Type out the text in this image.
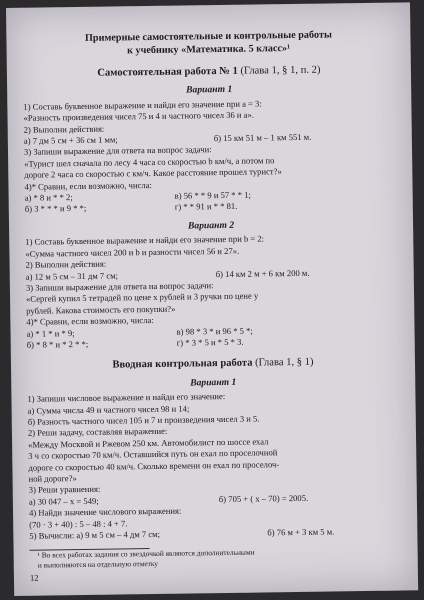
Примерные самостоятельные и контрольные работы
к учебнику «Математика. 5 класс»¹
Самостоятельная работа № 1 (Глава 1, § 1, п. 2)
Вариант 1
1) Составь буквенное выражение и найди его значение при a = 3:
«Разность произведения чисел 75 и 4 и частного чисел 36 и a».
2) Выполни действия:
а) 7 дм 5 см + 36 см 1 мм;	б) 15 км 51 м – 1 км 551 м.
3) Запиши выражение для ответа на вопрос задачи:
«Турист шел сначала по лесу 4 часа со скоростью b км/ч, а потом по
дороге 2 часа со скоростью c км/ч. Какое расстояние прошел турист?»
4)* Сравни, если возможно, числа:
а) * 8 и * * 2;	в) 56 * * 9 и 57 * * 1;
б) 3 * * * и 9 * *;	г) * * 91 и * * 81.
Вариант 2
1) Составь буквенное выражение и найди его значение при b = 2:
«Сумма частного чисел 200 и b и разности чисел 56 и 27».
2) Выполни действия:
а) 12 м 5 см – 31 дм 7 см;	б) 14 км 2 м + 6 км 200 м.
3) Запиши выражение для ответа на вопрос задачи:
«Сергей купил 5 тетрадей по цене x рублей и 3 ручки по цене y
рублей. Какова стоимость его покупки?»
4)* Сравни, если возможно, числа:
а) * 1 * и * 9;	в) 98 * 3 * и 96 * 5 *;
б) * 8 * и * 2 * *;	г) * 3 * 5 и * 5 * 3.
Вводная контрольная работа (Глава 1, § 1)
Вариант 1
1) Запиши числовое выражение и найди его значение:
а) Сумма числа 49 и частного чисел 98 и 14;
б) Разность частного чисел 105 и 7 и произведения чисел 3 и 5.
2) Реши задачу, составляя выражение:
«Между Москвой и Ржевом 250 км. Автомобилист по шоссе ехал
3 ч со скоростью 70 км/ч. Оставшийся путь он ехал по проселочной
дороге со скоростью 40 км/ч. Сколько времени он ехал по проселоч-
ной дороге?»
3) Реши уравнения:
а) 30 047 – x = 549;	б) 705 + ( x – 70) = 2005.
4) Найди значение числового выражения:
(70 · 3 + 40) : 5 – 48 : 4 + 7.
5) Вычисли: а) 9 м 5 см – 4 дм 7 см;	б) 76 м + 3 км 5 м.
¹ Во всех работах задания со звездочкой являются дополнительными
и выполняются на отдельную отметку
12
